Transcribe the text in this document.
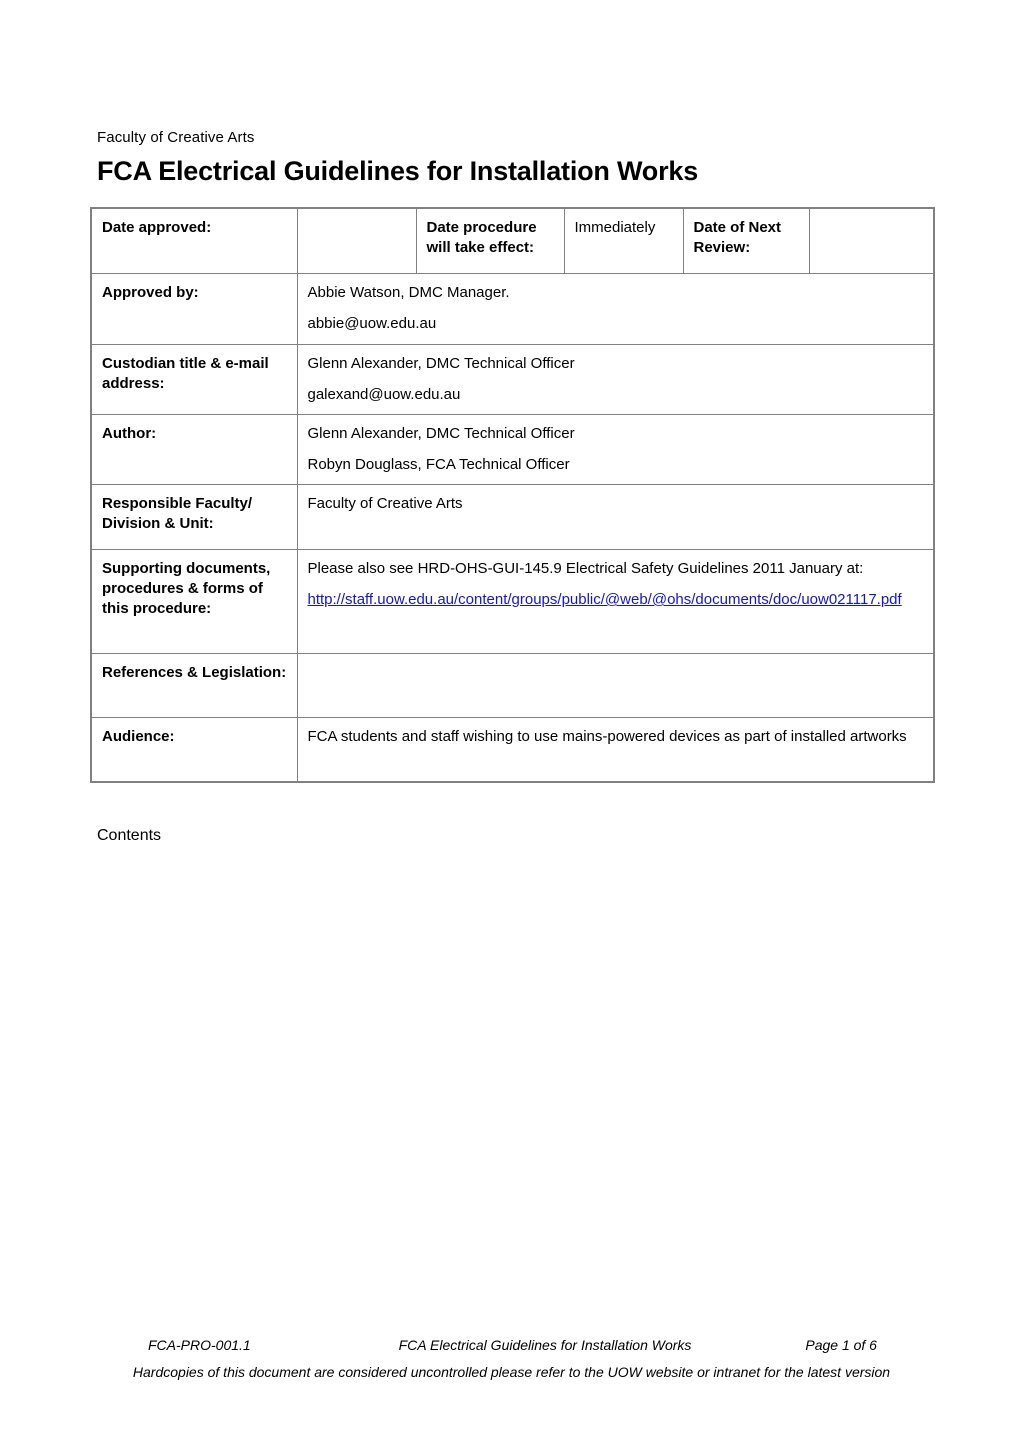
Faculty of Creative Arts
FCA Electrical Guidelines for Installation Works
Date approved:		Date procedure will take effect:	Immediately	Date of Next Review:	
Approved by:	Abbie Watson, DMC Manager.
abbie@uow.edu.au				

Custodian title & e-mail address:	Glenn Alexander, DMC Technical Officer
galexand@uow.edu.au				

Author:	Glenn Alexander, DMC Technical Officer
Robyn Douglass, FCA Technical Officer				

Responsible Faculty/ Division & Unit:	Faculty of Creative Arts				
Supporting documents, procedures & forms of this procedure:	Please also see HRD-OHS-GUI-145.9 Electrical Safety Guidelines 2011 January at:
http://staff.uow.edu.au/content/groups/public/@web/@ohs/documents/doc/uow021117.pdf				

References & Legislation:					
Audience:	FCA students and staff wishing to use mains-powered devices as part of installed artworks				
Contents
FCA-PRO-001.1	FCA Electrical Guidelines for Installation Works	Page 1 of 6
Hardcopies of this document are considered uncontrolled please refer to the UOW website or intranet for the latest version
